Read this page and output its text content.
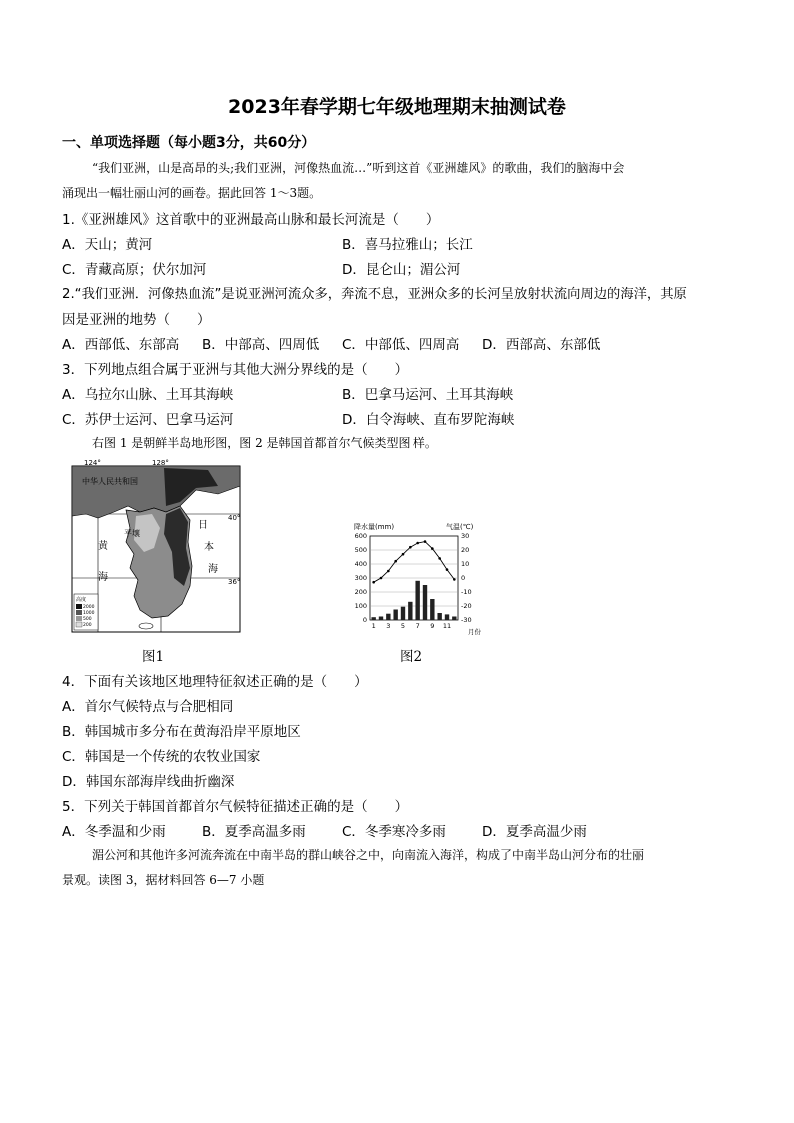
2023年春学期七年级地理期末抽测试卷
一、单项选择题（每小题3分，共60分）
“我们亚洲，山是高昂的头;我们亚洲，河像热血流…”听到这首《亚洲雄风》的歌曲，我们的脑海中会
涌现出一幅壮丽山河的画卷。据此回答 1～3题。
1.《亚洲雄风》这首歌中的亚洲最高山脉和最长河流是（　　）
A．天山；黄河	B．喜马拉雅山；长江
C．青藏高原；伏尔加河	D．昆仑山；湄公河
2.“我们亚洲．河像热血流”是说亚洲河流众多，奔流不息，亚洲众多的长河呈放射状流向周边的海洋，其原
因是亚洲的地势（　　）
A．西部低、东部高 B．中部高、四周低 C．中部低、四周高 D．西部高、东部低
3．下列地点组合属于亚洲与其他大洲分界线的是（　　）
A．乌拉尔山脉、土耳其海峡	B．巴拿马运河、土耳其海峡
C．苏伊士运河、巴拿马运河	D．白令海峡、直布罗陀海峡
右图 1 是朝鲜半岛地形图，图 2 是韩国首都首尔气候类型图 样。
124°	128°
中华人民共和国
40°
36°
黄
海
平壤
日
本
海
高度
2000
1000
500
200
降水量(mm)	气温(℃)
600
500
400
300
200
100
0
30
20
10
0
-10
-20
-30
1 3 5 7 9 11
月份
图1	图2
4．下面有关该地区地理特征叙述正确的是（　　）
A．首尔气候特点与合肥相同
B．韩国城市多分布在黄海沿岸平原地区
C．韩国是一个传统的农牧业国家
D．韩国东部海岸线曲折幽深
5．下列关于韩国首都首尔气候特征描述正确的是（　　）
A．冬季温和少雨	B．夏季高温多雨	C．冬季寒冷多雨	D．夏季高温少雨
湄公河和其他许多河流奔流在中南半岛的群山峡谷之中，向南流入海洋，构成了中南半岛山河分布的壮丽
景观。读图 3，据材料回答 6—7 小题
